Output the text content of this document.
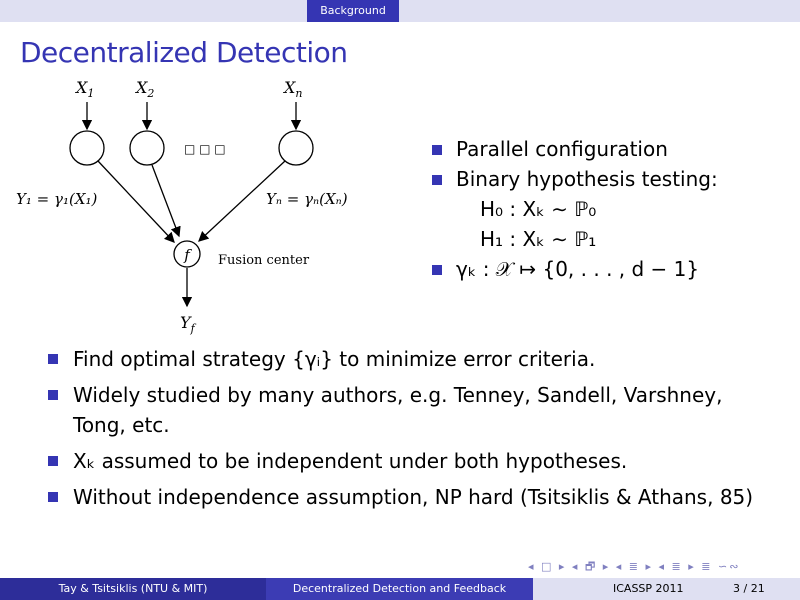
Background
Decentralized Detection
$X_1$	$X_2$	$X_n$
□ □ □
Y₁ = γ₁(X₁)	Yₙ = γₙ(Xₙ)
f Fusion center
$Y_f$
Parallel configuration
Binary hypothesis testing:
H₀ : Xₖ ∼ ℙ₀
H₁ : Xₖ ∼ ℙ₁
γₖ : 𝒳 ↦ {0, . . . , d − 1}
Find optimal strategy {γᵢ} to minimize error criteria.
Widely studied by many authors, e.g. Tenney, Sandell, Varshney, Tong, etc.
Xₖ assumed to be independent under both hypotheses.
Without independence assumption, NP hard (Tsitsiklis & Athans, 85)
◂ □ ▸ ◂ 🗗 ▸ ◂ ≣ ▸ ◂ ≣ ▸ ≣ ∽∾
Tay & Tsitsiklis (NTU & MIT)	Decentralized Detection and Feedback	ICASSP 2011	3 / 21
